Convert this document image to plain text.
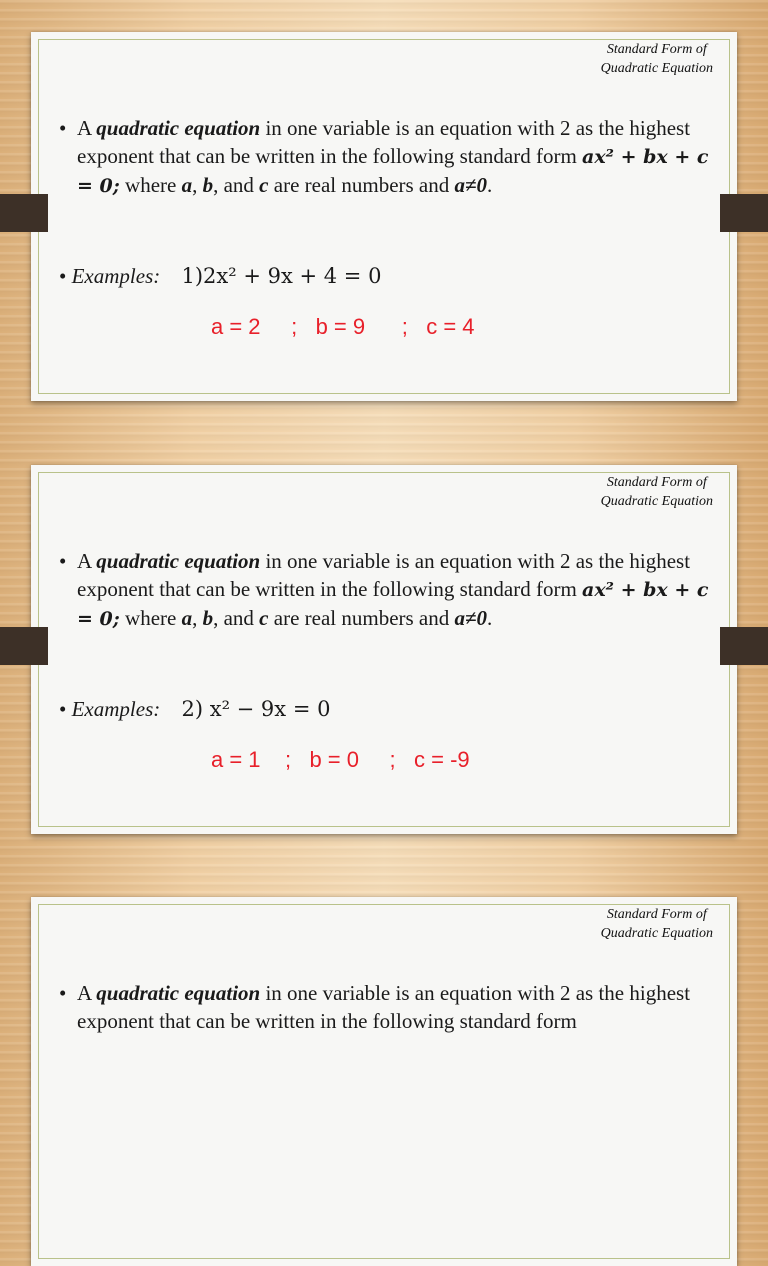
Standard Form of
Quadratic Equation
• A quadratic equation in one variable is an equation with 2 as the highest exponent that can be written in the following standard form ax² + bx + c = 0; where a, b, and c are real numbers and a≠0.
• Examples: 1)2x² + 9x + 4 = 0
a = 2     ;   b = 9      ;   c = 4
Standard Form of
Quadratic Equation
• A quadratic equation in one variable is an equation with 2 as the highest exponent that can be written in the following standard form ax² + bx + c = 0; where a, b, and c are real numbers and a≠0.
• Examples: 2) x² − 9x = 0
a = 1    ;   b = 0     ;   c = -9
Standard Form of
Quadratic Equation
• A quadratic equation in one variable is an equation with 2 as the highest exponent that can be written in the following standard form
